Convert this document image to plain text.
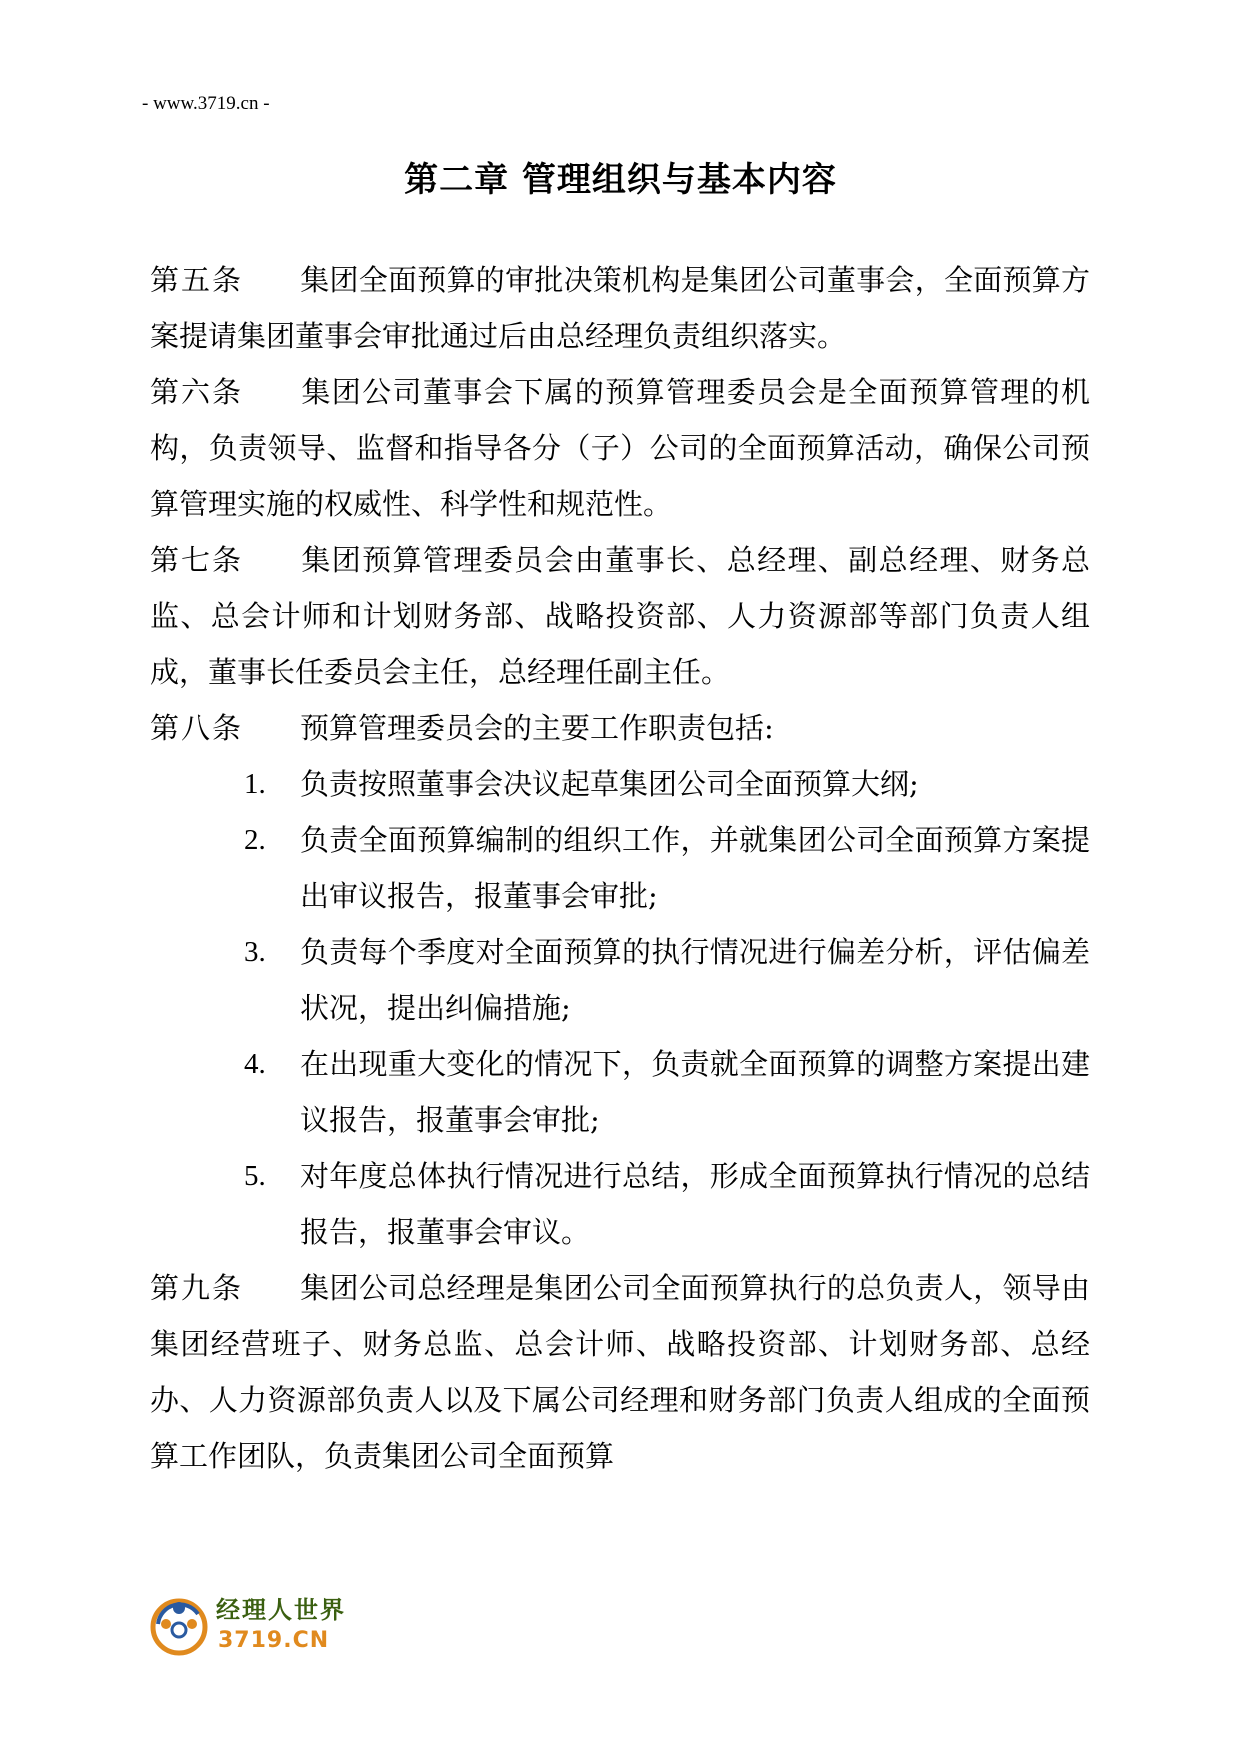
- www.3719.cn -
第二章 管理组织与基本内容

第五条 集团全面预算的审批决策机构是集团公司董事会，全面预算方案提请集团董事会审批通过后由总经理负责组织落实。

第六条 集团公司董事会下属的预算管理委员会是全面预算管理的机构，负责领导、监督和指导各分（子）公司的全面预算活动，确保公司预算管理实施的权威性、科学性和规范性。

第七条 集团预算管理委员会由董事长、总经理、副总经理、财务总监、总会计师和计划财务部、战略投资部、人力资源部等部门负责人组成，董事长任委员会主任，总经理任副主任。

第八条 预算管理委员会的主要工作职责包括:

1. 负责按照董事会决议起草集团公司全面预算大纲;
2. 负责全面预算编制的组织工作，并就集团公司全面预算方案提出审议报告，报董事会审批;
3. 负责每个季度对全面预算的执行情况进行偏差分析，评估偏差状况，提出纠偏措施;
4. 在出现重大变化的情况下，负责就全面预算的调整方案提出建议报告，报董事会审批;
5. 对年度总体执行情况进行总结，形成全面预算执行情况的总结报告，报董事会审议。

第九条 集团公司总经理是集团公司全面预算执行的总负责人，领导由集团经营班子、财务总监、总会计师、战略投资部、计划财务部、总经办、人力资源部负责人以及下属公司经理和财务部门负责人组成的全面预算工作团队，负责集团公司全面预算

经理人世界
3719.CN
